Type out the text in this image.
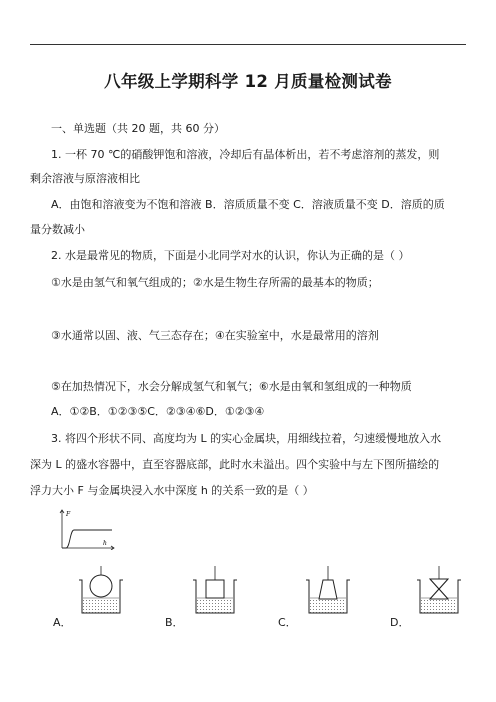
八年级上学期科学 12 月质量检测试卷
一、单选题（共 20 题，共 60 分）
1. 一杯 70 ℃的硝酸钾饱和溶液，冷却后有晶体析出，若不考虑溶剂的蒸发，则
剩余溶液与原溶液相比
A．由饱和溶液变为不饱和溶液 B．溶质质量不变 C．溶液质量不变 D．溶质的质
量分数减小
2. 水是最常见的物质，下面是小北同学对水的认识，你认为正确的是（ ）
①水是由氢气和氧气组成的；②水是生物生存所需的最基本的物质；
③水通常以固、液、气三态存在；④在实验室中，水是最常用的溶剂
⑤在加热情况下，水会分解成氢气和氧气；⑥水是由氧和氢组成的一种物质
A．①②B．①②③⑤C．②③④⑥D．①②③④
3. 将四个形状不同、高度均为 L 的实心金属块，用细线拉着，匀速缓慢地放入水
深为 L 的盛水容器中，直至容器底部，此时水未溢出。四个实验中与左下图所描绘的
浮力大小 F 与金属块浸入水中深度 h 的关系一致的是（ ）
F
h
A．	B．	C．	D．
